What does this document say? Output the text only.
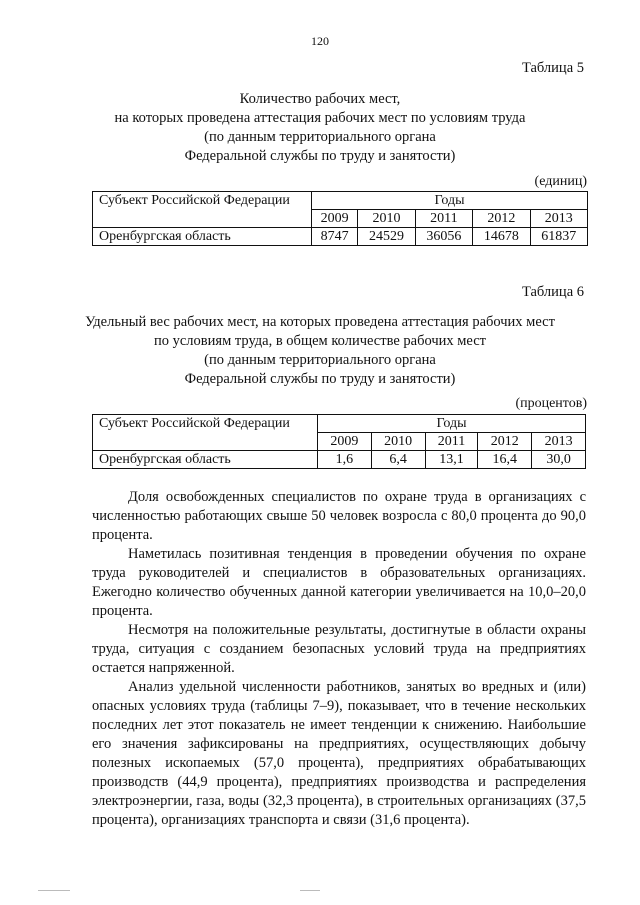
120
Таблица 5
Количество рабочих мест,
на которых проведена аттестация рабочих мест по условиям труда
(по данным территориального органа
Федеральной службы по труду и занятости)
(единиц)
Субъект Российской Федерации	Годы				
	2009	2010	2011	2012	2013
Оренбургская область	8747	24529	36056	14678	61837
Таблица 6
Удельный вес рабочих мест, на которых проведена аттестация рабочих мест
по условиям труда, в общем количестве рабочих мест
(по данным территориального органа
Федеральной службы по труду и занятости)
(процентов)
Субъект Российской Федерации	Годы				
	2009	2010	2011	2012	2013
Оренбургская область	1,6	6,4	13,1	16,4	30,0

Доля освобожденных специалистов по охране труда в организациях с численностью работающих свыше 50 человек возросла с 80,0 процента до 90,0 процента.

Наметилась позитивная тенденция в проведении обучения по охране труда руководителей и специалистов в образовательных организациях. Ежегодно количество обученных данной категории увеличивается на 10,0–20,0 процента.

Несмотря на положительные результаты, достигнутые в области охраны труда, ситуация с созданием безопасных условий труда на предприятиях остается напряженной.

Анализ удельной численности работников, занятых во вредных и (или) опасных условиях труда (таблицы 7–9), показывает, что в течение нескольких последних лет этот показатель не имеет тенденции к снижению. Наибольшие его значения зафиксированы на предприятиях, осуществляющих добычу полезных ископаемых (57,0 процента), предприятиях обрабатывающих производств (44,9 процента), предприятиях производства и распределения электроэнергии, газа, воды (32,3 процента), в строительных организациях (37,5 процента), организациях транспорта и связи (31,6 процента).
